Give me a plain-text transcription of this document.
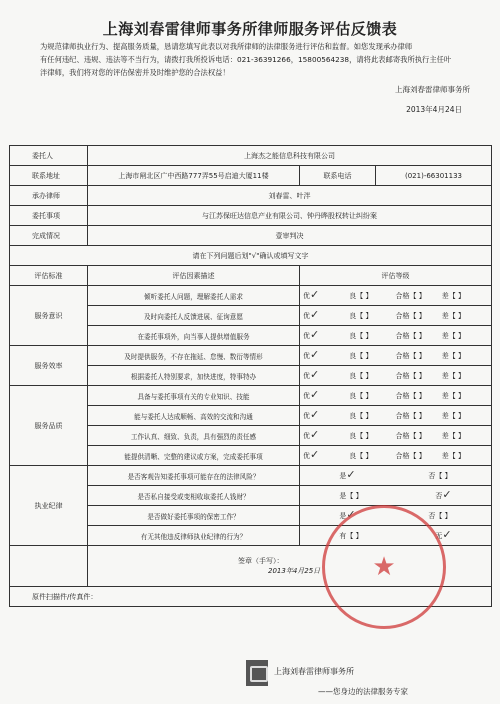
上海刘春雷律师事务所律师服务评估反馈表
为规范律师执业行为、提高服务质量，恳请您填写此表以对我所律师的法律服务进行评估和监督。如您发现承办律师
有任何违纪、违规、违法等不当行为，请拨打我所投诉电话：021-36391266，15800564238，请将此表邮寄我所执行主任叶
泮律师，我们将对您的评估保密并及时维护您的合法权益！
上海刘春雷律师事务所
2013年4月24日
委托人	上海杰之能信息科技有限公司		
联系地址	上海市闸北区广中西路777弄55号启迪大厦11楼	联系电话	(021)-66301133
承办律师	刘春雷、叶泮		
委托事项	与江苏保旺达信息产业有限公司、钟丹晔股权转让纠纷案		
完成情况	壹审判决		
请在下列问题后划"√"确认或填写文字			
评估标准	评估因素描述	评估等级	
服务意识	倾听委托人问题，理解委托人需求	优✓ 良【 】 合格【 】 差【 】	

	及时向委托人反馈进展、征询意愿	优✓ 良【 】 合格【 】 差【 】	

	在委托事项外，向当事人提供增值服务	优✓ 良【 】 合格【 】 差【 】	

服务效率	及时提供服务，不存在拖延、怠慢、数衍等情形	优✓ 良【 】 合格【 】 差【 】	

	根据委托人特别要求，加快进度，特事特办	优✓ 良【 】 合格【 】 差【 】	

服务品质	具备与委托事项有关的专业知识、技能	优✓ 良【 】 合格【 】 差【 】	

	能与委托人达成顺畅、高效的交流和沟通	优✓ 良【 】 合格【 】 差【 】	

	工作认真、细致、负责，具有强烈的责任感	优✓ 良【 】 合格【 】 差【 】	

	能提供清晰、完整的建议或方案，完成委托事项	优✓ 良【 】 合格【 】 差【 】	

执业纪律	是否客观告知委托事项可能存在的法律风险？	是✓ 否【 】	

	是否私自接受或变相收取委托人钱财？	是【 】 否✓	

	是否做好委托事项的保密工作？	是✓ 否【 】	

	有无其他违反律师执业纪律的行为？	有【 】 无✓	

	签章（手写）：
2013年4月25日		

原件扫描件/传真件：			
★
上海刘春雷律师事务所
——您身边的法律服务专家
